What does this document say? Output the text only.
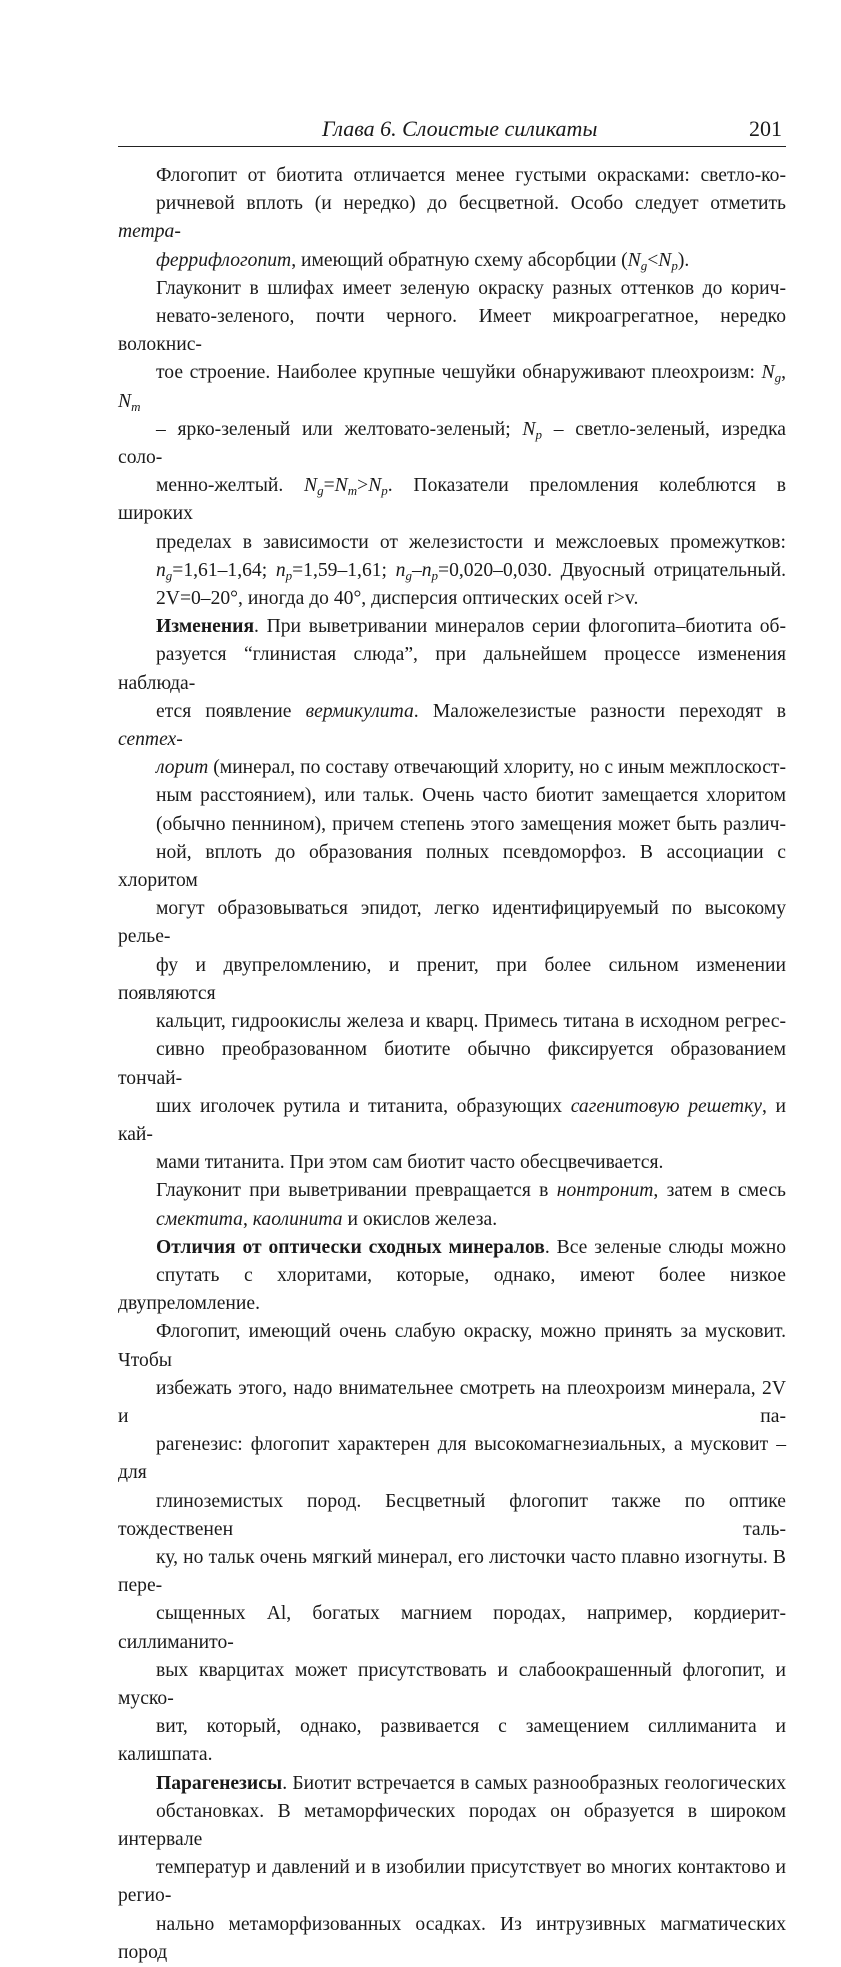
Глава 6. Слоистые силикаты	201
Флогопит от биотита отличается менее густыми окрасками: светло-ко-
ричневой вплоть (и нередко) до бесцветной. Особо следует отметить тетра-
феррифлогопит, имеющий обратную схему абсорбции $(N_g<N_p)$.
Глауконит в шлифах имеет зеленую окраску разных оттенков до корич-
невато-зеленого, почти черного. Имеет микроагрегатное, нередко волокнис-
тое строение. Наиболее крупные чешуйки обнаруживают плеохроизм: $N_g$, $N_m$
– ярко-зеленый или желтовато-зеленый; $N_p$ – светло-зеленый, изредка соло-
менно-желтый. $N_g=N_m>N_p$. Показатели преломления колеблются в широких
пределах в зависимости от железистости и межслоевых промежутков:
$n_g=1,61-1,64$; $n_p=1,59-1,61$; $n_g-n_p=0,020-0,030$. Двуосный отрицательный.
2V=0–20°, иногда до 40°, дисперсия оптических осей r>v.
Изменения. При выветривании минералов серии флогопита–биотита об-
разуется “глинистая слюда”, при дальнейшем процессе изменения наблюда-
ется появление вермикулита. Маложелезистые разности переходят в септех-
лорит (минерал, по составу отвечающий хлориту, но с иным межплоскост-
ным расстоянием), или тальк. Очень часто биотит замещается хлоритом
(обычно пеннином), причем степень этого замещения может быть различ-
ной, вплоть до образования полных псевдоморфоз. В ассоциации с хлоритом
могут образовываться эпидот, легко идентифицируемый по высокому релье-
фу и двупреломлению, и пренит, при более сильном изменении появляются
кальцит, гидроокислы железа и кварц. Примесь титана в исходном регрес-
сивно преобразованном биотите обычно фиксируется образованием тончай-
ших иголочек рутила и титанита, образующих сагенитовую решетку, и кай-
мами титанита. При этом сам биотит часто обесцвечивается.
Глауконит при выветривании превращается в нонтронит, затем в смесь
смектита, каолинита и окислов железа.
Отличия от оптически сходных минералов. Все зеленые слюды можно
спутать с хлоритами, которые, однако, имеют более низкое двупреломление.
Флогопит, имеющий очень слабую окраску, можно принять за мусковит. Чтобы
избежать этого, надо внимательнее смотреть на плеохроизм минерала, 2V и па-
рагенезис: флогопит характерен для высокомагнезиальных, а мусковит – для
глиноземистых пород. Бесцветный флогопит также по оптике тождественен таль-
ку, но тальк очень мягкий минерал, его листочки часто плавно изогнуты. В пере-
сыщенных Al, богатых магнием породах, например, кордиерит-силлиманито-
вых кварцитах может присутствовать и слабоокрашенный флогопит, и муско-
вит, который, однако, развивается с замещением силлиманита и калишпата.
Парагенезисы. Биотит встречается в самых разнообразных геологических
обстановках. В метаморфических породах он образуется в широком интервале
температур и давлений и в изобилии присутствует во многих контактово и регио-
нально метаморфизованных осадках. Из интрузивных магматических пород
